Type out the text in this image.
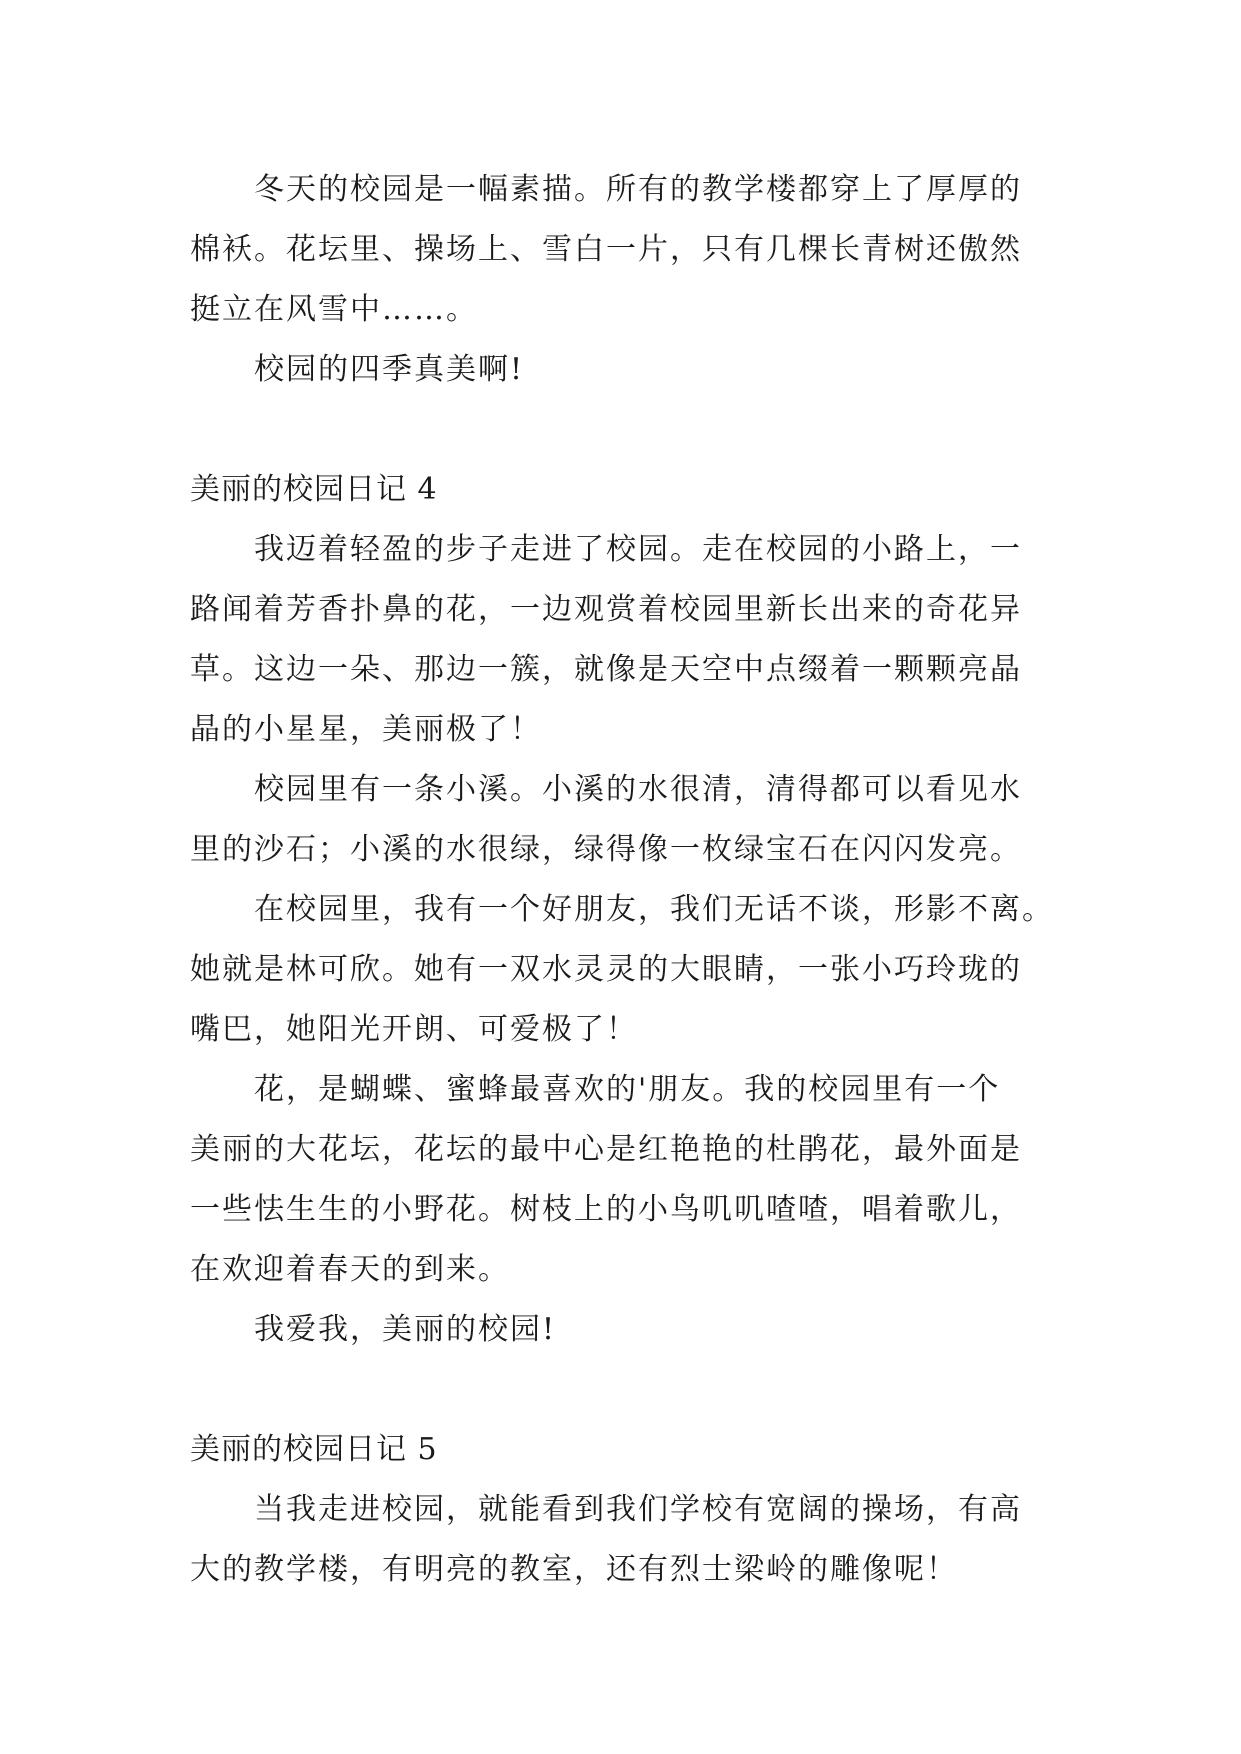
冬天的校园是一幅素描。所有的教学楼都穿上了厚厚的
棉袄。花坛里、操场上、雪白一片，只有几棵长青树还傲然
挺立在风雪中……。
校园的四季真美啊!
美丽的校园日记 4
我迈着轻盈的步子走进了校园。走在校园的小路上，一
路闻着芳香扑鼻的花，一边观赏着校园里新长出来的奇花异
草。这边一朵、那边一簇，就像是天空中点缀着一颗颗亮晶
晶的小星星，美丽极了！
校园里有一条小溪。小溪的水很清，清得都可以看见水
里的沙石；小溪的水很绿，绿得像一枚绿宝石在闪闪发亮。
在校园里，我有一个好朋友，我们无话不谈，形影不离。
她就是林可欣。她有一双水灵灵的大眼睛，一张小巧玲珑的
嘴巴，她阳光开朗、可爱极了！
花，是蝴蝶、蜜蜂最喜欢的'朋友。我的校园里有一个
美丽的大花坛，花坛的最中心是红艳艳的杜鹃花，最外面是
一些怯生生的小野花。树枝上的小鸟叽叽喳喳，唱着歌儿，
在欢迎着春天的到来。
我爱我，美丽的校园!
美丽的校园日记 5
当我走进校园，就能看到我们学校有宽阔的操场，有高
大的教学楼，有明亮的教室，还有烈士梁岭的雕像呢！
